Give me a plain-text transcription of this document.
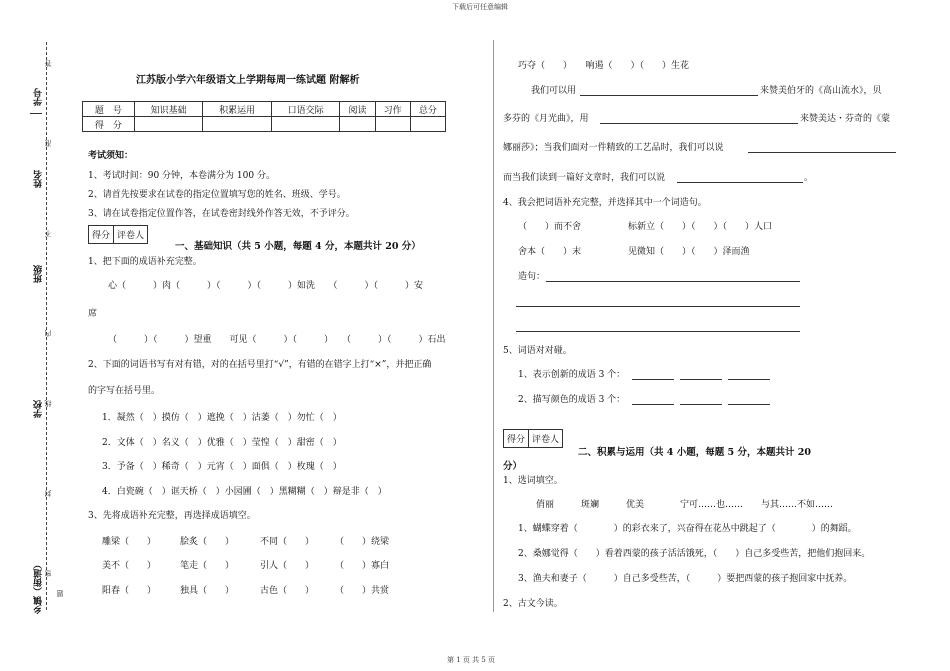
下载后可任意编辑
第 1 页 共 5 页
学号
姓名
班级
学校
乡镇（街道）
答
准
不
内
线
封
密
题
江苏版小学六年级语文上学期每周一练试题 附解析
题　号	知识基础	积累运用	口语交际	阅读	习作	总分
得　分						
考试须知：
1、考试时间：90 分钟，本卷满分为 100 分。
2、请首先按要求在试卷的指定位置填写您的姓名、班级、学号。
3、请在试卷指定位置作答，在试卷密封线外作答无效，不予评分。
得分 评卷人
一、基础知识（共 5 小题，每题 4 分，本题共计 20 分）
1、把下面的成语补充完整。
心（　　　）肉（　　　）（　　　）（　　　）如洗　　（　　　）（　　　）安
席
（　　　）（　　　）望重　　可见（　　　）（　　　）　　（　　　）（　　　）石出
2、下面的词语书写有对有错，对的在括号里打“√”，有错的在错字上打“×”，并把正确
的字写在括号里。
1．凝然（　）摸仿（　）遮挽（　）沽萎（　）勿忙（　）
2．文体（　）名义（　）优雅（　）莹惶（　）甜密（　）
3．予备（　）稀奇（　）元宵（　）面俱（　）枚瑰（　）
4．白瓷碗（　）诓天桥（　）小园圃（　）黑糊糊（　）辩是非（　）
3、先将成语补充完整，再选择成语填空。
雕梁（　　）	脍炙（　　）	不同（　　） （　　）绕梁
美不（　　）	笔走（　　）	引人（　　） （　　）寡白
阳春（　　）	独具（　　）	古色（　　） （　　）共赏
巧夺（　　）　　响遏（　　）（　　）生花
我们可以用	来赞美伯牙的《高山流水》，贝
多芬的《月光曲》，用	来赞美达・芬奇的《蒙
娜丽莎》；当我们面对一件精致的工艺品时，我们可以说
而当我们读到一篇好文章时，我们可以说	。
4、我会把词语补充完整，并选择其中一个词造句。
（　　）而不舍	标新立（　　）（　　）（　　）人口
舍本（　　）末	见微知（　　）（　　）泽而渔
造句：
5、词语对对碰。
1、表示创新的成语 3 个：
2、描写颜色的成语 3 个：
得分 评卷人
二、积累与运用（共 4 小题，每题 5 分，本题共计 20
分）
1、选词填空。
俏丽　　　斑斓　　　优美　　　　宁可……也……　　与其……不如……
1、蝴蝶穿着（　　　　）的彩衣来了，兴奋得在花丛中跳起了（　　　　）的舞蹈。
2、桑娜觉得（　　）看着西蒙的孩子活活饿死，（　　）自己多受些苦，把他们抱回来。
3、渔夫和妻子（　　　）自己多受些苦，（　　　）要把西蒙的孩子抱回家中抚养。
2、古文今读。
